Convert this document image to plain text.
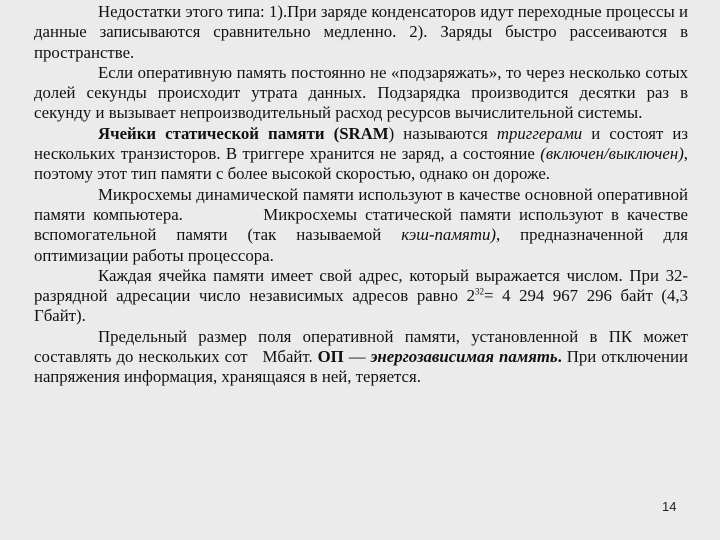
Недостатки этого типа: 1).При заряде конденсаторов идут переходные процессы и данные записываются сравнительно медленно. 2). Заряды быстро рассеиваются в пространстве.

Если оперативную память постоянно не «подзаряжать», то через несколько сотых долей секунды происходит утрата данных. Подзарядка производится десятки раз в секунду и вызывает непроизводительный расход ресурсов вычислительной системы.

Ячейки статической памяти (SRAM) называются триггерами и состоят из нескольких транзисторов. В триггере хранится не заряд, а состояние (включен/выключен), поэтому этот тип памяти с более высокой скоростью, однако он дороже.

Микросхемы динамической памяти используют в качестве основной оперативной памяти компьютера.          Микросхемы статической памяти используют в качестве вспомогательной памяти (так называемой кэш-памяти), предназначенной для оптимизации работы процессора.

Каждая ячейка памяти имеет свой адрес, который выражается числом. При 32-разрядной адресации число независимых адресов равно $2^{32}= 4$ 294 967 296 байт (4,3 Гбайт).

Предельный размер поля оперативной памяти, установленной в ПК может составлять до нескольких сот   Мбайт. ОП — энергозависимая память. При отключении напряжения информация, хранящаяся в ней, теряется.

14
